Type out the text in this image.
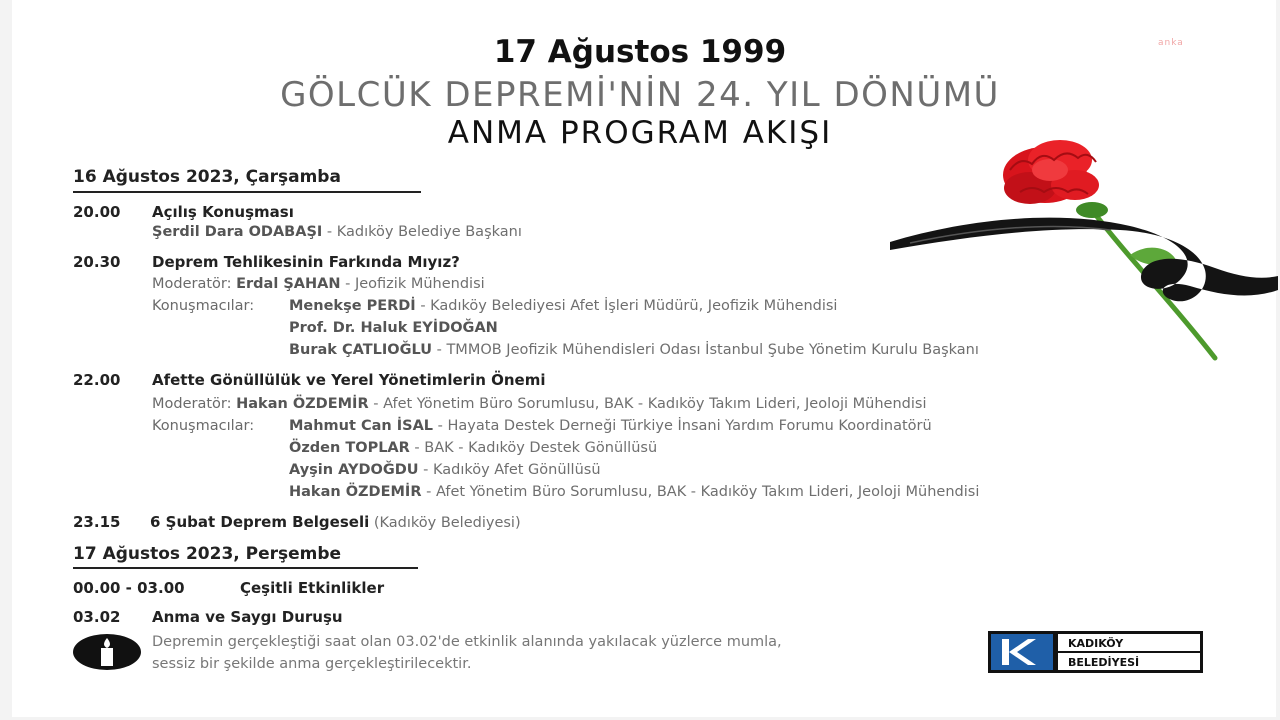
anka
17 Ağustos 1999
GÖLCÜK DEPREMİ'NİN 24. YIL DÖNÜMÜ
ANMA PROGRAM AKIŞI
16 Ağustos 2023, Çarşamba
20.00 Açılış Konuşması
Şerdil Dara ODABAŞI - Kadıköy Belediye Başkanı
20.30 Deprem Tehlikesinin Farkında Mıyız?
Moderatör: Erdal ŞAHAN - Jeofizik Mühendisi
Konuşmacılar: Menekşe PERDİ - Kadıköy Belediyesi Afet İşleri Müdürü, Jeofizik Mühendisi
Prof. Dr. Haluk EYİDOĞAN
Burak ÇATLIOĞLU - TMMOB Jeofizik Mühendisleri Odası İstanbul Şube Yönetim Kurulu Başkanı
22.00 Afette Gönüllülük ve Yerel Yönetimlerin Önemi
Moderatör: Hakan ÖZDEMİR - Afet Yönetim Büro Sorumlusu, BAK - Kadıköy Takım Lideri, Jeoloji Mühendisi
Konuşmacılar: Mahmut Can İSAL - Hayata Destek Derneği Türkiye İnsani Yardım Forumu Koordinatörü
Özden TOPLAR - BAK - Kadıköy Destek Gönüllüsü
Ayşin AYDOĞDU - Kadıköy Afet Gönüllüsü
Hakan ÖZDEMİR - Afet Yönetim Büro Sorumlusu, BAK - Kadıköy Takım Lideri, Jeoloji Mühendisi
23.15 6 Şubat Deprem Belgeseli (Kadıköy Belediyesi)
17 Ağustos 2023, Perşembe
00.00 - 03.00	Çeşitli Etkinlikler
03.02 Anma ve Saygı Duruşu
Depremin gerçekleştiği saat olan 03.02'de etkinlik alanında yakılacak yüzlerce mumla,
sessiz bir şekilde anma gerçekleştirilecektir.
KADIKÖY
BELEDİYESİ
